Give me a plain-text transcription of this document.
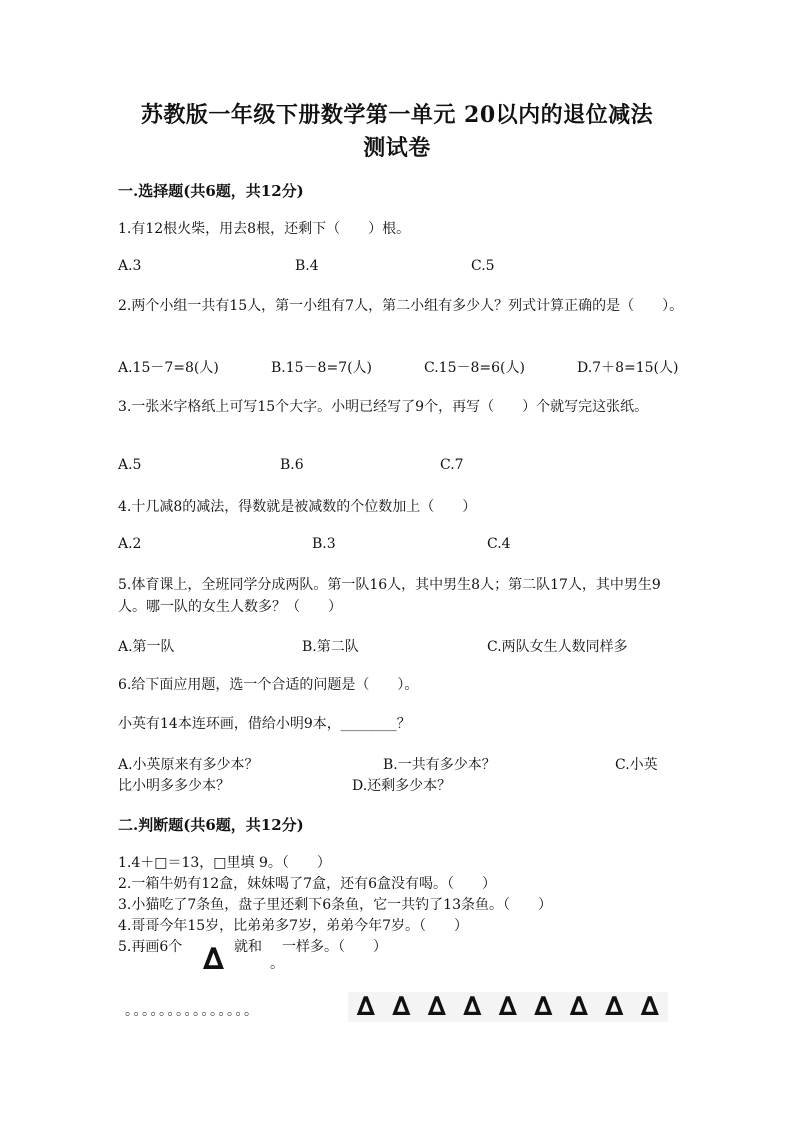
苏教版一年级下册数学第一单元 20以内的退位减法
测试卷
一.选择题(共6题，共12分)
1.有12根火柴，用去8根，还剩下（　　）根。
A.3	B.4	C.5
2.两个小组一共有15人，第一小组有7人，第二小组有多少人？列式计算正确的是（　　）。
A.15－7=8(人)	B.15－8=7(人)	C.15－8=6(人)	D.7＋8=15(人)
3.一张米字格纸上可写15个大字。小明已经写了9个，再写（　　）个就写完这张纸。
A.5	B.6	C.7
4.十几减8的减法，得数就是被减数的个位数加上（　　）
A.2	B.3	C.4
5.体育课上，全班同学分成两队。第一队16人，其中男生8人；第二队17人，其中男生9人。哪一队的女生人数多？（　　）
A.第一队	B.第二队	C.两队女生人数同样多
6.给下面应用题，选一个合适的问题是（　　）。
小英有14本连环画，借给小明9本，________？
A.小英原来有多少本？	B.一共有多少本？	C.小英
比小明多多少本？	D.还剩多少本？
二.判断题(共6题，共12分)
1.4＋□＝13，□里填 9。（　　）
2.一箱牛奶有12盒，妹妹喝了7盒，还有6盒没有喝。（　　）
3.小猫吃了7条鱼，盘子里还剩下6条鱼，它一共钓了13条鱼。（　　）
4.哥哥今年15岁，比弟弟多7岁，弟弟今年7岁。（　　）
5.再画6个 ∆ 就和
。
一样多。（　　）
。。。。。。。。。。。。。。。	∆ ∆ ∆ ∆ ∆ ∆ ∆ ∆ ∆
